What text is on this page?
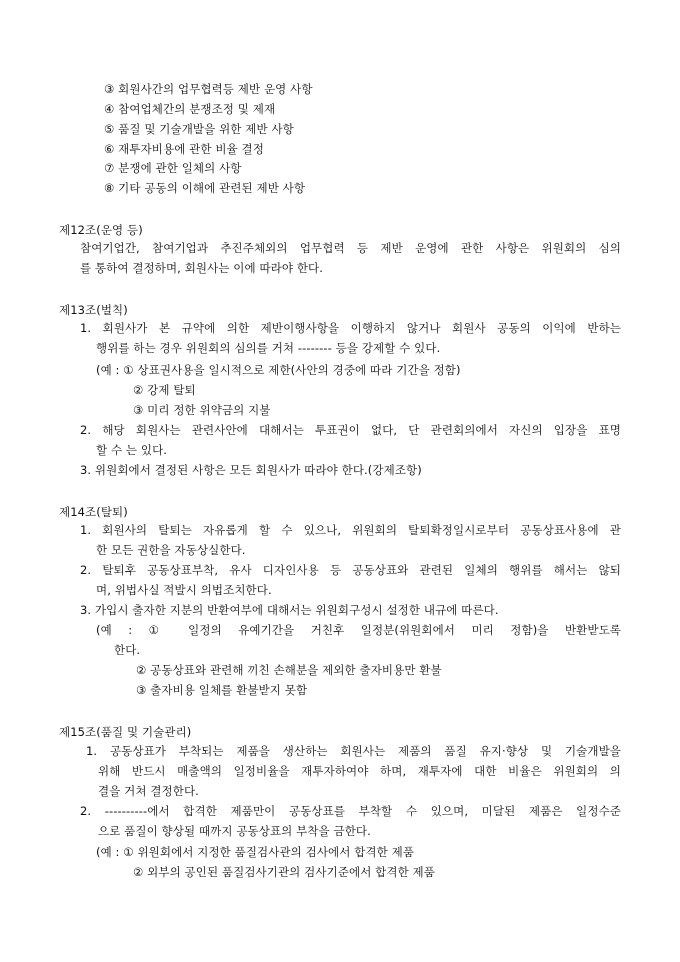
③ 회원사간의 업무협력등 제반 운영 사항
④ 참여업체간의 분쟁조정 및 제재
⑤ 품질 및 기술개발을 위한 제반 사항
⑥ 재투자비용에 관한 비율 결정
⑦ 분쟁에 관한 일체의 사항
⑧ 기타 공동의 이해에 관련된 제반 사항
제12조(운영 등)
참여기업간, 참여기업과 추진주체외의 업무협력 등 제반 운영에 관한 사항은 위원회의 심의
를 통하여 결정하며, 회원사는 이에 따라야 한다.
제13조(벌칙)
1. 회원사가 본 규약에 의한 제반이행사항을 이행하지 않거나 회원사 공동의 이익에 반하는
행위를 하는 경우 위원회의 심의를 거쳐 -------- 등을 강제할 수 있다.
(예 : ① 상표권사용을 일시적으로 제한(사안의 경중에 따라 기간을 정함)
② 강제 탈퇴
③ 미리 정한 위약금의 지불
2. 해당 회원사는 관련사안에 대해서는 투표권이 없다, 단 관련회의에서 자신의 입장을 표명
할 수 는 있다.
3. 위원회에서 결정된 사항은 모든 회원사가 따라야 한다.(강제조항)
제14조(탈퇴)
1. 회원사의 탈퇴는 자유롭게 할 수 있으나, 위원회의 탈퇴확정일시로부터 공동상표사용에 관
한 모든 권한을 자동상실한다.
2. 탈퇴후 공동상표부착, 유사 디자인사용 등 공동상표와 관련된 일체의 행위를 해서는 않되
며, 위법사실 적발시 의법조치한다.
3. 가입시 출자한 지분의 반환여부에 대해서는 위원회구성시 설정한 내규에 따른다.
(예 : ① 일정의 유예기간을 거친후 일정분(위원회에서 미리 정함)을 반환받도록
한다.
② 공동상표와 관련해 끼친 손해분을 제외한 출자비용만 환불
③ 출자비용 일체를 환불받지 못함
제15조(품질 및 기술관리)
1. 공동상표가 부착되는 제품을 생산하는 회원사는 제품의 품질 유지·향상 및 기술개발을
위해 반드시 매출액의 일정비율을 재투자하여야 하며, 재투자에 대한 비율은 위원회의 의
결을 거쳐 결정한다.
2. ----------에서 합격한 제품만이 공동상표를 부착할 수 있으며, 미달된 제품은 일정수준
으로 품질이 향상될 때까지 공동상표의 부착을 금한다.
(예 : ① 위원회에서 지정한 품질검사관의 검사에서 합격한 제품
② 외부의 공인된 품질검사기관의 검사기준에서 합격한 제품
